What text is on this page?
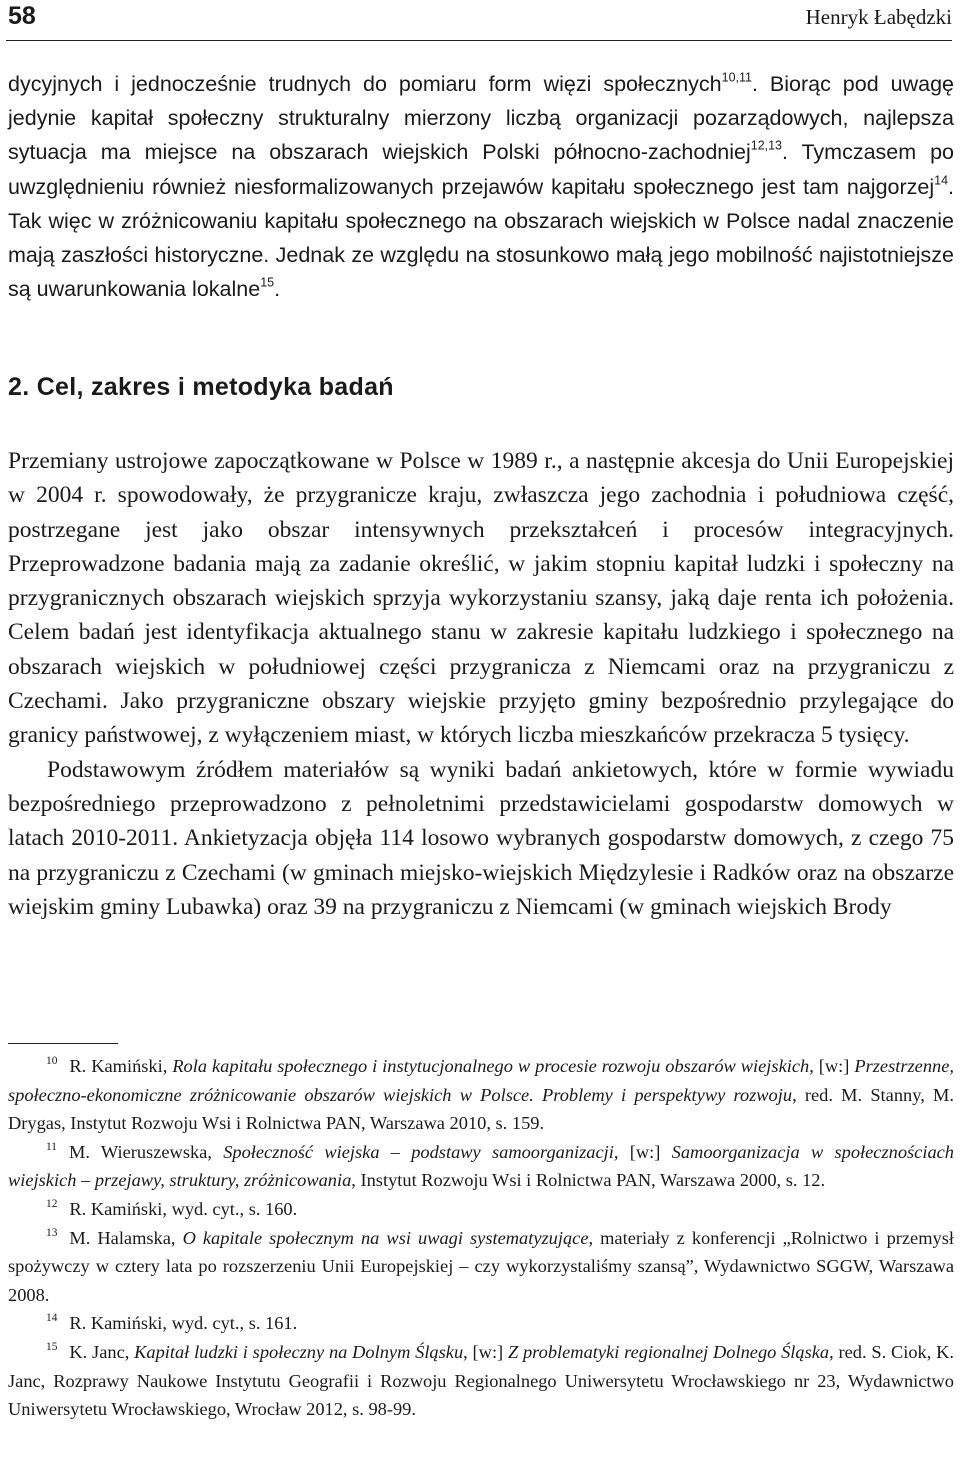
58	Henryk Łabędzki

dycyjnych i jednocześnie trudnych do pomiaru form więzi społecznych$^{10,11}$. Biorąc pod uwagę jedynie kapitał społeczny strukturalny mierzony liczbą organizacji pozarządowych, najlepsza sytuacja ma miejsce na obszarach wiejskich Polski północno-zachodniej$^{12,13}$. Tymczasem po uwzględnieniu również niesformalizowanych przejawów kapitału społecznego jest tam najgorzej$^{14}$. Tak więc w zróżnicowaniu kapitału społecznego na obszarach wiejskich w Polsce nadal znaczenie mają zaszłości historyczne. Jednak ze względu na stosunkowo małą jego mobilność najistotniejsze są uwarunkowania lokalne$^{15}$.

2. Cel, zakres i metodyka badań

Przemiany ustrojowe zapoczątkowane w Polsce w 1989 r., a następnie akcesja do Unii Europejskiej w 2004 r. spowodowały, że przygranicze kraju, zwłaszcza jego zachodnia i południowa część, postrzegane jest jako obszar intensywnych przekształceń i procesów integracyjnych. Przeprowadzone badania mają za zadanie określić, w jakim stopniu kapitał ludzki i społeczny na przygranicznych obszarach wiejskich sprzyja wykorzystaniu szansy, jaką daje renta ich położenia. Celem badań jest identyfikacja aktualnego stanu w zakresie kapitału ludzkiego i społecznego na obszarach wiejskich w południowej części przygranicza z Niemcami oraz na przygraniczu z Czechami. Jako przygraniczne obszary wiejskie przyjęto gminy bezpośrednio przylegające do granicy państwowej, z wyłączeniem miast, w których liczba mieszkańców przekracza 5 tysięcy.

Podstawowym źródłem materiałów są wyniki badań ankietowych, które w formie wywiadu bezpośredniego przeprowadzono z pełnoletnimi przedstawicielami gospodarstw domowych w latach 2010-2011. Ankietyzacja objęła 114 losowo wybranych gospodarstw domowych, z czego 75 na przygraniczu z Czechami (w gminach miejsko-wiejskich Międzylesie i Radków oraz na obszarze wiejskim gminy Lubawka) oraz 39 na przygraniczu z Niemcami (w gminach wiejskich Brody

$^{10}$ R. Kamiński, Rola kapitału społecznego i instytucjonalnego w procesie rozwoju obszarów wiejskich, [w:] Przestrzenne, społeczno-ekonomiczne zróżnicowanie obszarów wiejskich w Polsce. Problemy i perspektywy rozwoju, red. M. Stanny, M. Drygas, Instytut Rozwoju Wsi i Rolnictwa PAN, Warszawa 2010, s. 159.

$^{11}$ M. Wieruszewska, Społeczność wiejska – podstawy samoorganizacji, [w:] Samoorganizacja w społecznościach wiejskich – przejawy, struktury, zróżnicowania, Instytut Rozwoju Wsi i Rolnictwa PAN, Warszawa 2000, s. 12.

$^{12}$ R. Kamiński, wyd. cyt., s. 160.

$^{13}$ M. Halamska, O kapitale społecznym na wsi uwagi systematyzujące, materiały z konferencji „Rolnictwo i przemysł spożywczy w cztery lata po rozszerzeniu Unii Europejskiej – czy wykorzystaliśmy szansą”, Wydawnictwo SGGW, Warszawa 2008.

$^{14}$ R. Kamiński, wyd. cyt., s. 161.

$^{15}$ K. Janc, Kapitał ludzki i społeczny na Dolnym Śląsku, [w:] Z problematyki regionalnej Dolnego Śląska, red. S. Ciok, K. Janc, Rozprawy Naukowe Instytutu Geografii i Rozwoju Regionalnego Uniwersytetu Wrocławskiego nr 23, Wydawnictwo Uniwersytetu Wrocławskiego, Wrocław 2012, s. 98-99.
